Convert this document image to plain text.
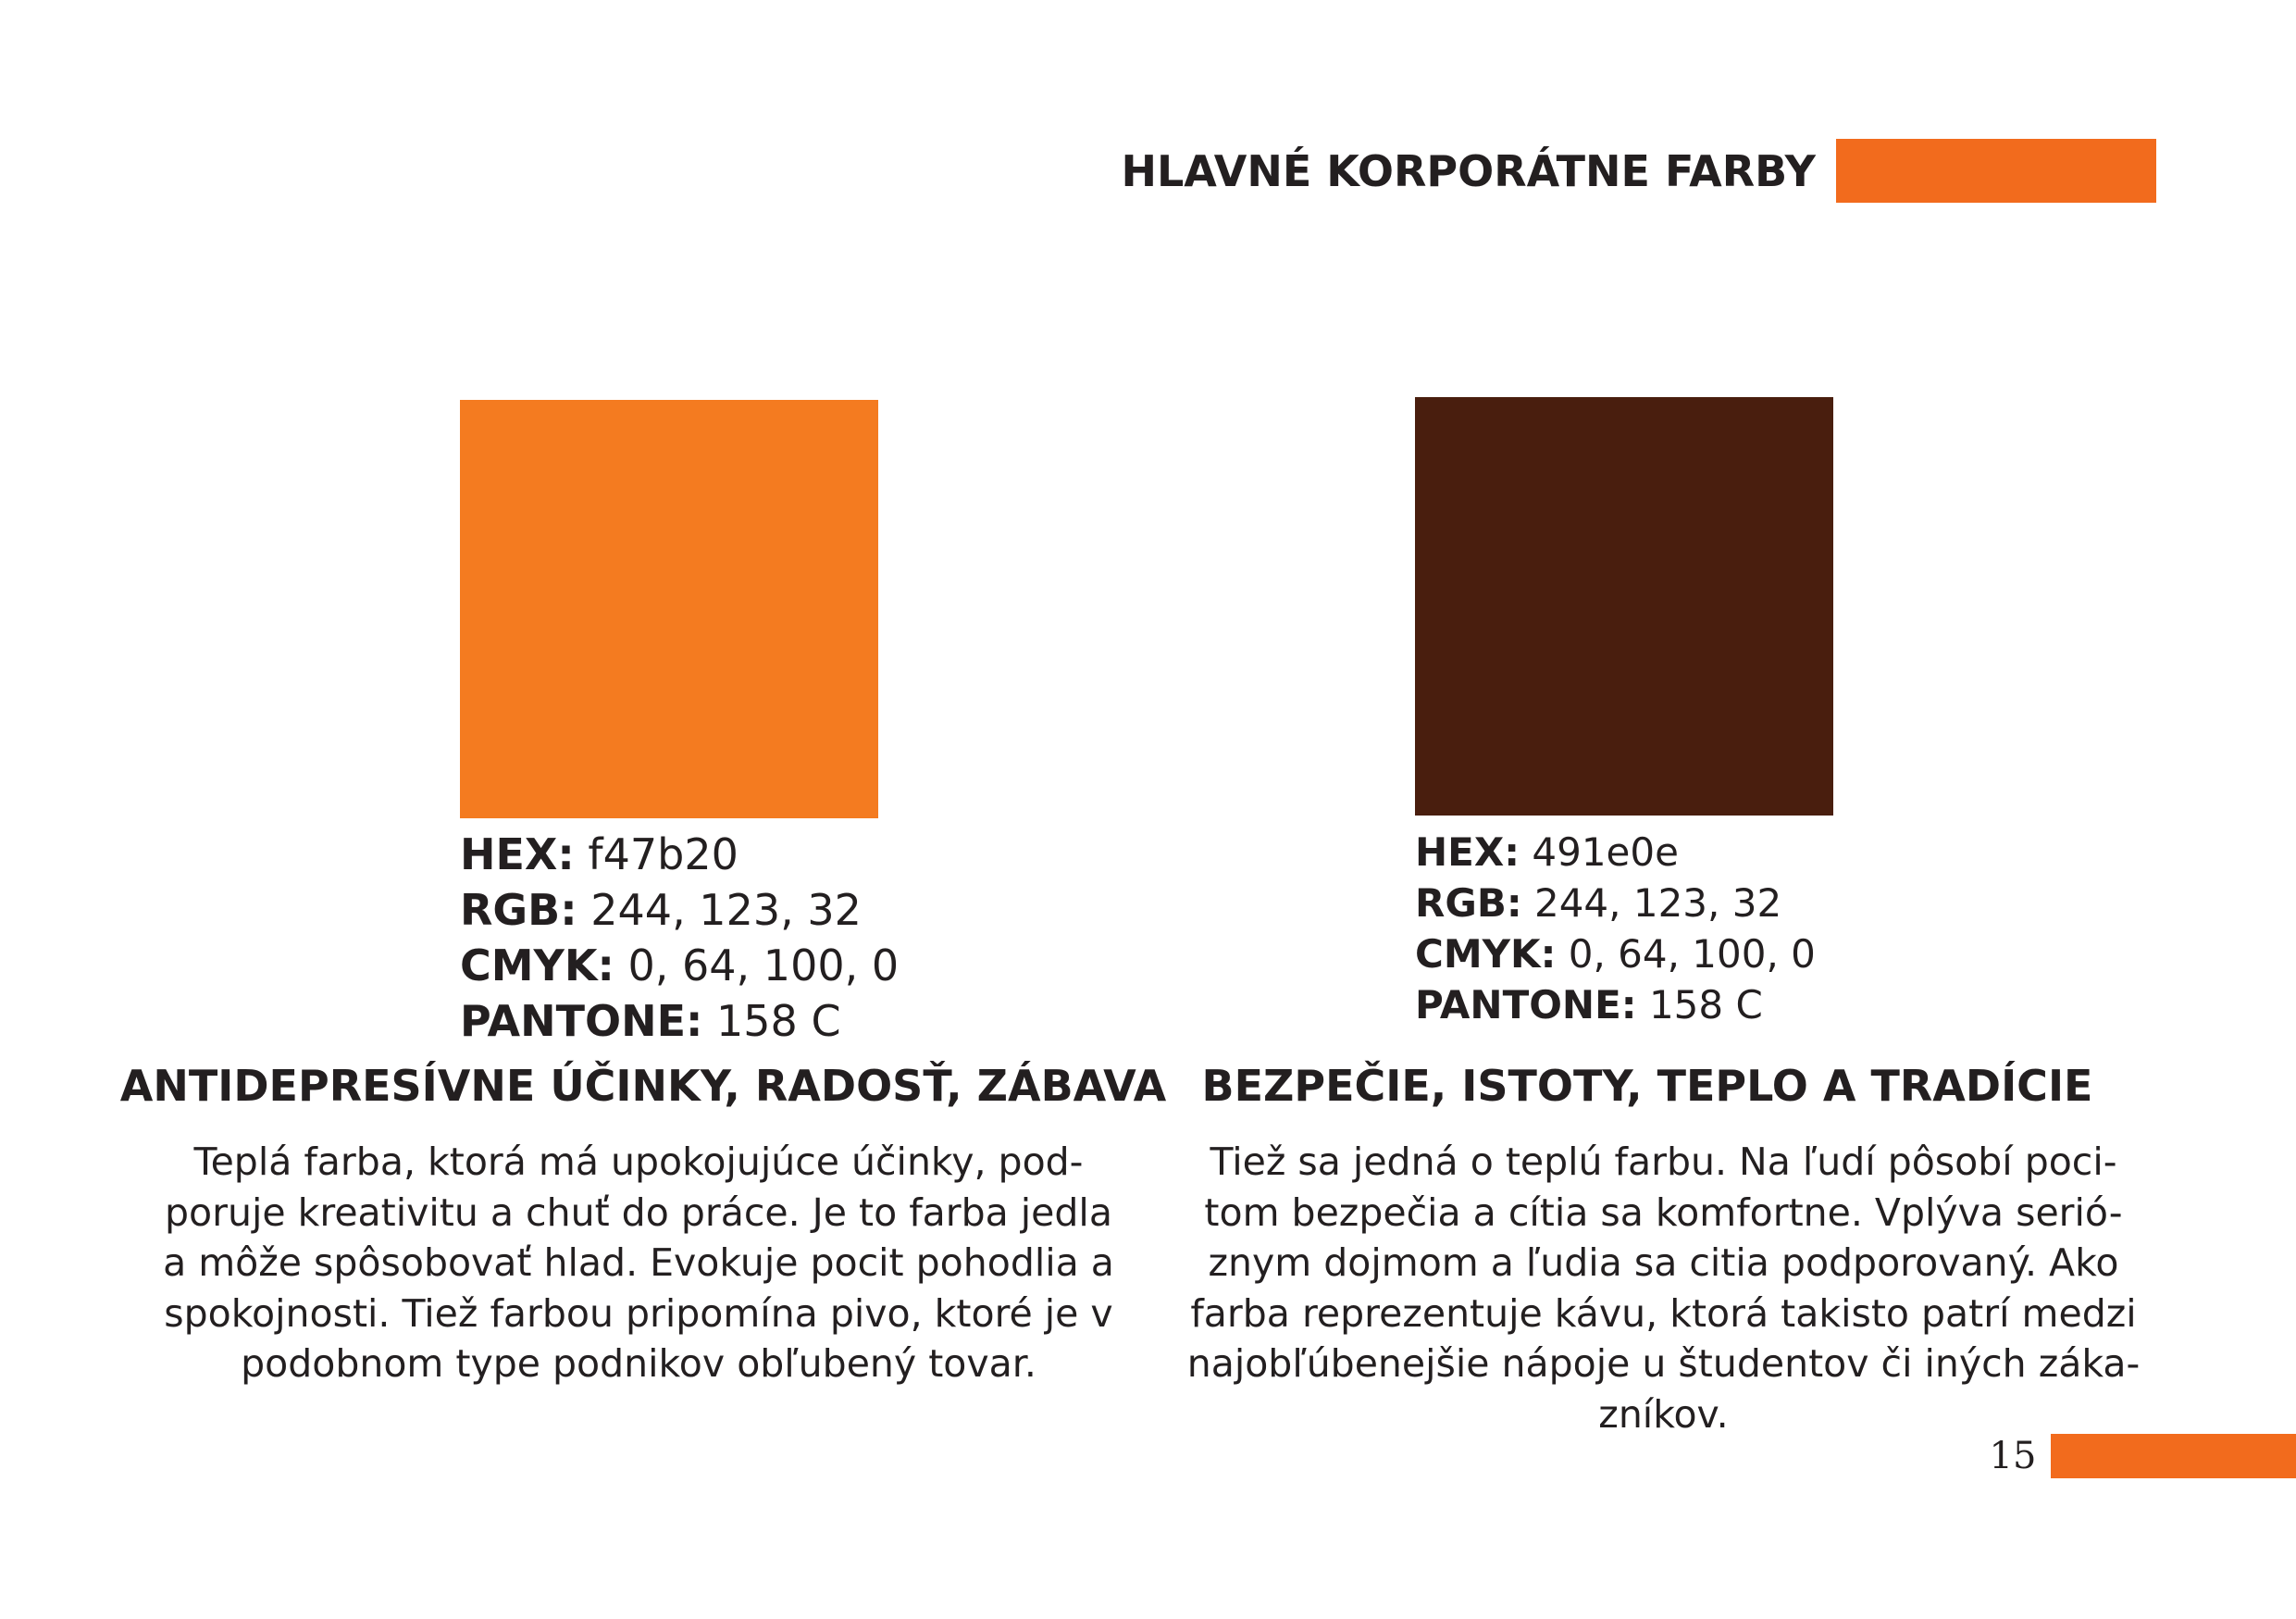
HLAVNÉ KORPORÁTNE FARBY
HEX: f47b20
RGB: 244, 123, 32
CMYK: 0, 64, 100, 0
PANTONE: 158 C
ANTIDEPRESÍVNE ÚČINKY, RADOSŤ, ZÁBAVA
Teplá farba, ktorá má upokojujúce účinky, pod-
poruje kreativitu a chuť do práce. Je to farba jedla
a môže spôsobovať hlad. Evokuje pocit pohodlia a
spokojnosti. Tiež farbou pripomína pivo, ktoré je v
podobnom type podnikov obľubený tovar.
HEX: 491e0e
RGB: 244, 123, 32
CMYK: 0, 64, 100, 0
PANTONE: 158 C
BEZPEČIE, ISTOTY, TEPLO A TRADÍCIE
Tiež sa jedná o teplú farbu. Na ľudí pôsobí poci-
tom bezpečia a cítia sa komfortne. Vplýva serió-
znym dojmom a ľudia sa citia podporovaný. Ako
farba reprezentuje kávu, ktorá takisto patrí medzi
najobľúbenejšie nápoje u študentov či iných záka-
zníkov.
15
